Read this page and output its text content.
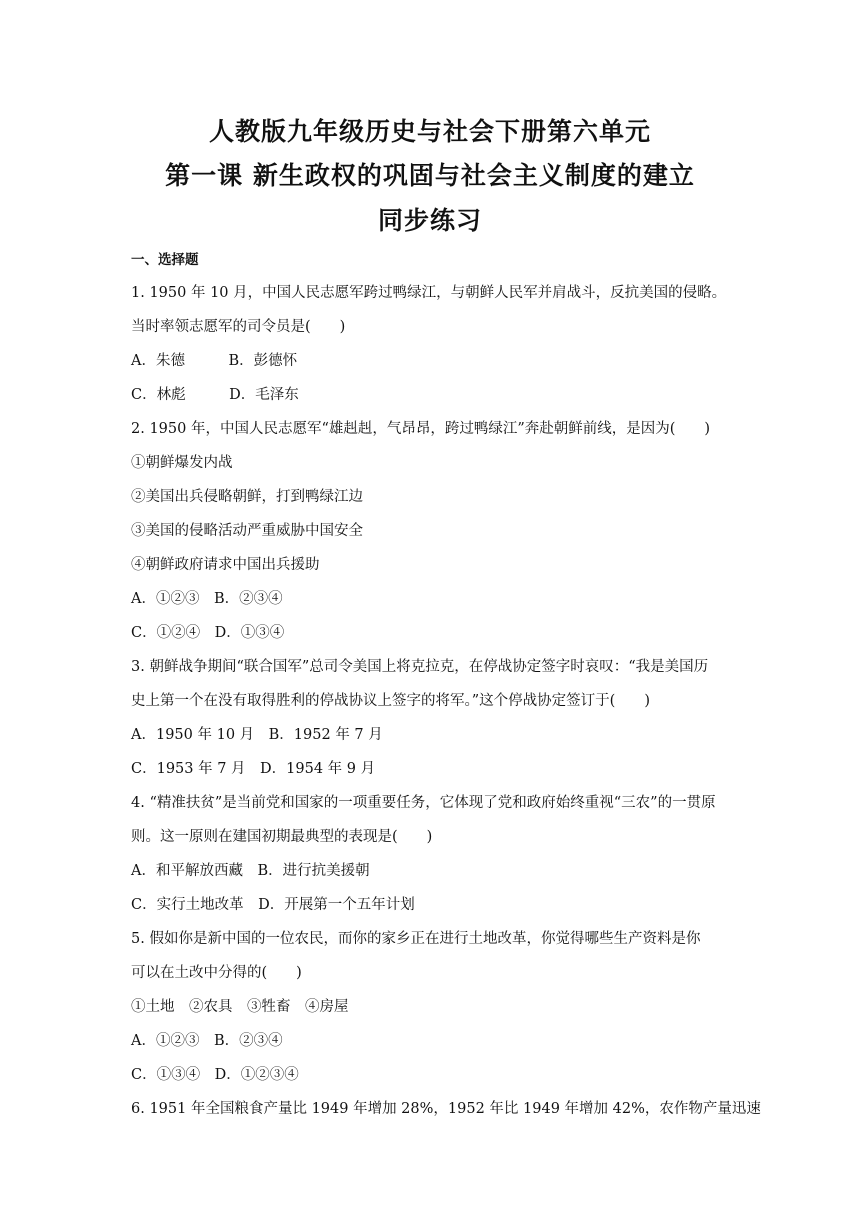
人教版九年级历史与社会下册第六单元
第一课 新生政权的巩固与社会主义制度的建立
同步练习
一、选择题
1. 1950 年 10 月，中国人民志愿军跨过鸭绿江，与朝鲜人民军并肩战斗，反抗美国的侵略。
当时率领志愿军的司令员是(　　)
A．朱德　　　B．彭德怀
C．林彪　　　D．毛泽东
2. 1950 年，中国人民志愿军“雄赳赳，气昂昂，跨过鸭绿江”奔赴朝鲜前线，是因为(　　)
①朝鲜爆发内战
②美国出兵侵略朝鲜，打到鸭绿江边
③美国的侵略活动严重威胁中国安全
④朝鲜政府请求中国出兵援助
A．①②③　B．②③④
C．①②④　D．①③④
3. 朝鲜战争期间“联合国军”总司令美国上将克拉克，在停战协定签字时哀叹：“我是美国历
史上第一个在没有取得胜利的停战协议上签字的将军。”这个停战协定签订于(　　)
A．1950 年 10 月　B．1952 年 7 月
C．1953 年 7 月　D．1954 年 9 月
4. “精准扶贫”是当前党和国家的一项重要任务，它体现了党和政府始终重视“三农”的一贯原
则。这一原则在建国初期最典型的表现是(　　)
A．和平解放西藏　B．进行抗美援朝
C．实行土地改革　D．开展第一个五年计划
5. 假如你是新中国的一位农民，而你的家乡正在进行土地改革，你觉得哪些生产资料是你
可以在土改中分得的(　　)
①土地　②农具　③牲畜　④房屋
A．①②③　B．②③④
C．①③④　D．①②③④
6. 1951 年全国粮食产量比 1949 年增加 28%，1952 年比 1949 年增加 42%，农作物产量迅速
